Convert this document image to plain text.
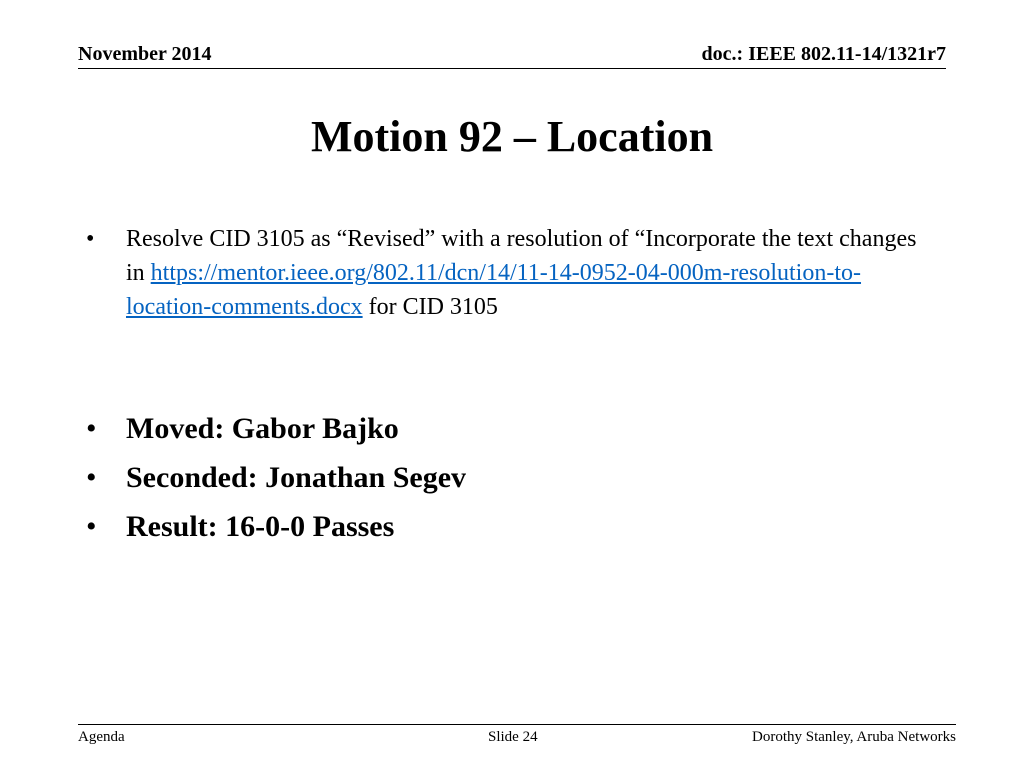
November 2014	doc.: IEEE 802.11-14/1321r7
Motion 92 – Location
• Resolve CID 3105 as “Revised” with a resolution of “Incorporate the text changes in https://mentor.ieee.org/802.11/dcn/14/11-14-0952-04-000m-resolution-to-location-comments.docx for CID 3105
• Moved: Gabor Bajko
• Seconded: Jonathan Segev
• Result: 16-0-0 Passes
Agenda	Slide 24	Dorothy Stanley, Aruba Networks
